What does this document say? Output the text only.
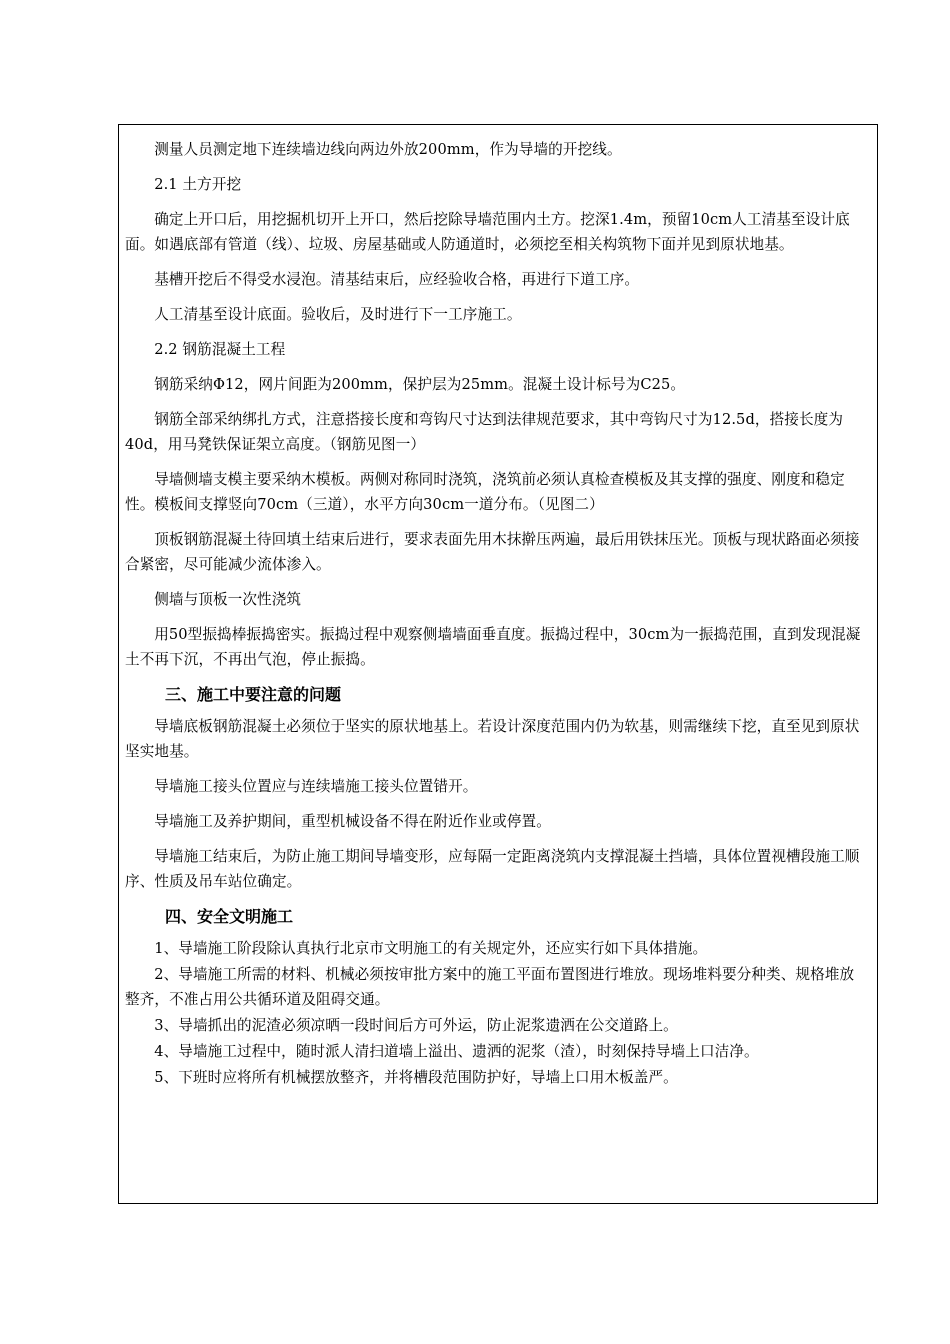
测量人员测定地下连续墙边线向两边外放200mm，作为导墙的开挖线。

2.1 土方开挖

确定上开口后，用挖掘机切开上开口，然后挖除导墙范围内土方。挖深1.4m，预留10cm人工清基至设计底面。如遇底部有管道（线）、垃圾、房屋基础或人防通道时，必须挖至相关构筑物下面并见到原状地基。

基槽开挖后不得受水浸泡。清基结束后，应经验收合格，再进行下道工序。

人工清基至设计底面。验收后，及时进行下一工序施工。

2.2 钢筋混凝土工程

钢筋采纳Φ12，网片间距为200mm，保护层为25mm。混凝土设计标号为C25。

钢筋全部采纳绑扎方式，注意搭接长度和弯钩尺寸达到法律规范要求，其中弯钩尺寸为12.5d，搭接长度为40d，用马凳铁保证架立高度。（钢筋见图一）

导墙侧墙支模主要采纳木模板。两侧对称同时浇筑，浇筑前必须认真检查模板及其支撑的强度、刚度和稳定性。模板间支撑竖向70cm（三道），水平方向30cm一道分布。（见图二）

顶板钢筋混凝土待回填土结束后进行，要求表面先用木抹擀压两遍，最后用铁抹压光。顶板与现状路面必须接合紧密，尽可能减少流体渗入。

侧墙与顶板一次性浇筑

用50型振捣棒振捣密实。振捣过程中观察侧墙墙面垂直度。振捣过程中，30cm为一振捣范围，直到发现混凝土不再下沉，不再出气泡，停止振捣。

三、施工中要注意的问题

导墙底板钢筋混凝土必须位于坚实的原状地基上。若设计深度范围内仍为软基，则需继续下挖，直至见到原状坚实地基。

导墙施工接头位置应与连续墙施工接头位置错开。

导墙施工及养护期间，重型机械设备不得在附近作业或停置。

导墙施工结束后，为防止施工期间导墙变形，应每隔一定距离浇筑内支撑混凝土挡墙，具体位置视槽段施工顺序、性质及吊车站位确定。

四、安全文明施工

1、导墙施工阶段除认真执行北京市文明施工的有关规定外，还应实行如下具体措施。

2、导墙施工所需的材料、机械必须按审批方案中的施工平面布置图进行堆放。现场堆料要分种类、规格堆放整齐，不准占用公共循环道及阻碍交通。

3、导墙抓出的泥渣必须凉晒一段时间后方可外运，防止泥浆遗洒在公交道路上。

4、导墙施工过程中，随时派人清扫道墙上溢出、遗洒的泥浆（渣），时刻保持导墙上口洁净。

5、下班时应将所有机械摆放整齐，并将槽段范围防护好，导墙上口用木板盖严。
